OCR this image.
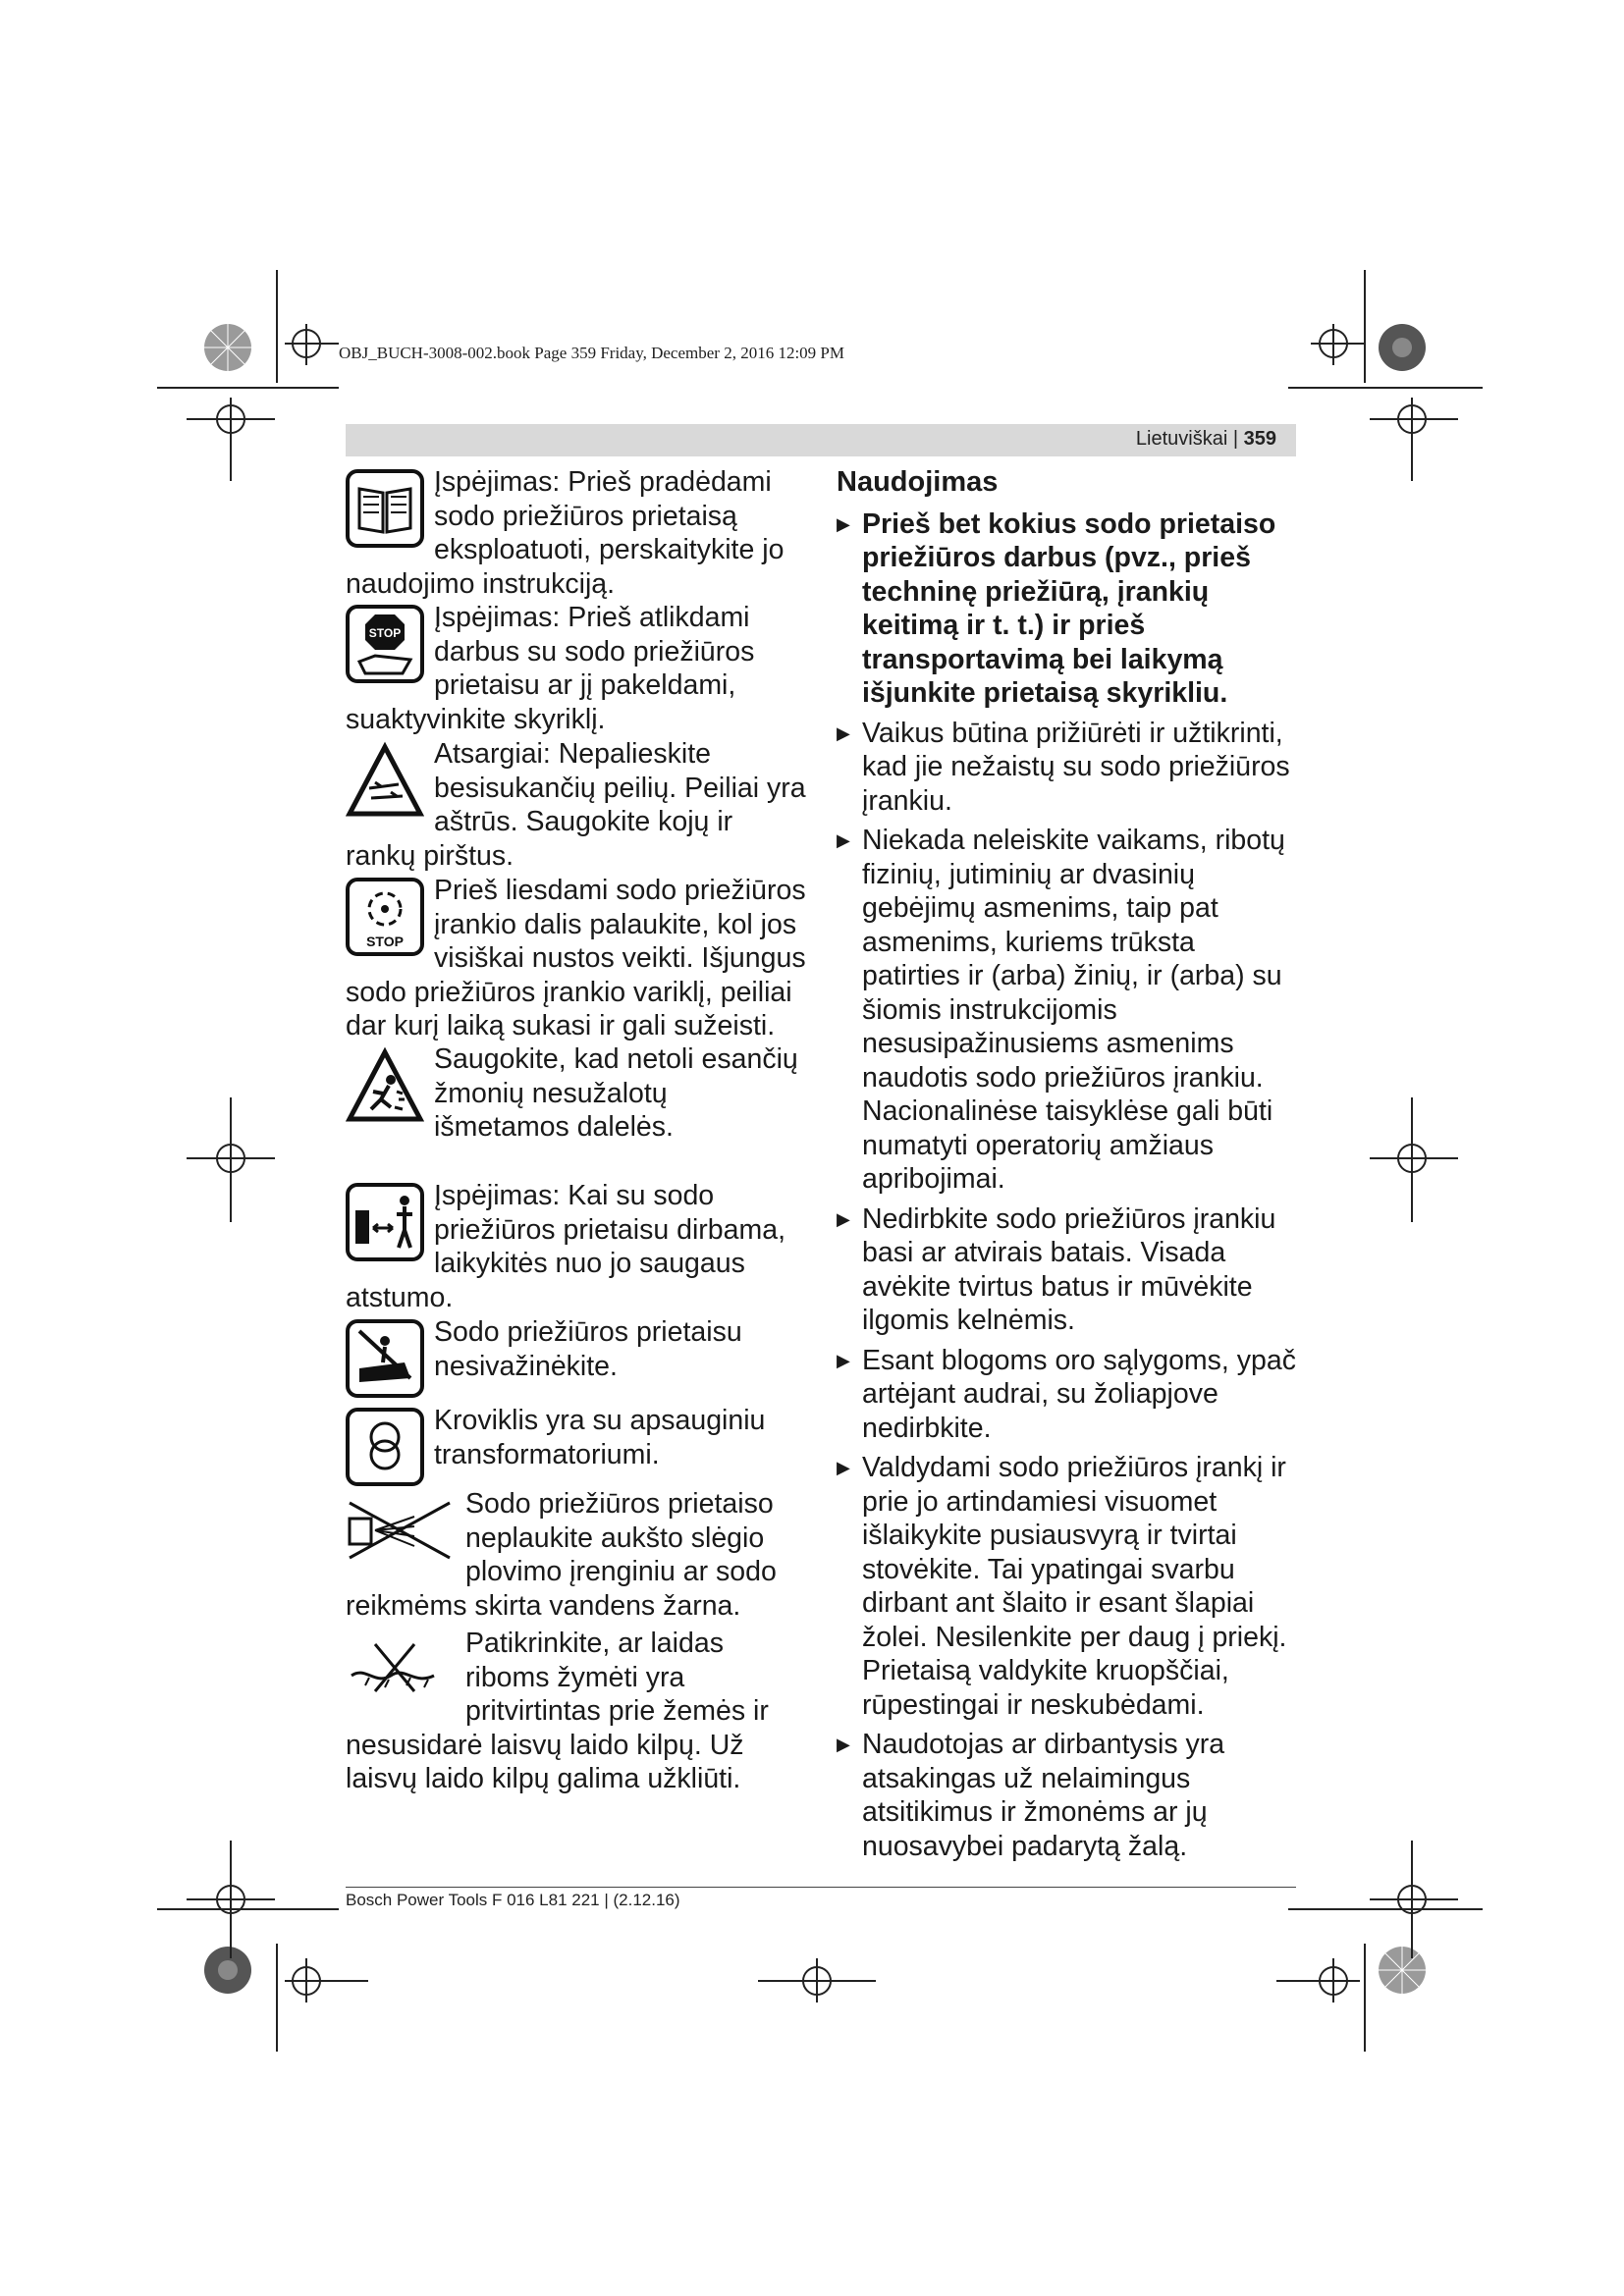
OBJ_BUCH-3008-002.book Page 359 Friday, December 2, 2016 12:09 PM
Lietuviškai | 359

Įspėjimas: Prieš pradėdami sodo priežiūros prietaisą eksploatuoti, perskaitykite jo naudojimo instrukciją.

STOP	Įspėjimas: Prieš atlikdami darbus su sodo priežiūros prietaisu ar jį pakeldami, suaktyvinkite skyriklį.

Atsargiai: Nepalieskite besisukančių peilių. Peiliai yra aštrūs. Saugokite kojų ir rankų pirštus.

STOP

Prieš liesdami sodo priežiūros įrankio dalis palaukite, kol jos visiškai nustos veikti. Išjungus sodo priežiūros įrankio variklį, peiliai dar kurį laiką sukasi ir gali sužeisti.

Saugokite, kad netoli esančių žmonių nesužalotų išmetamos dalelės.

Įspėjimas: Kai su sodo priežiūros prietaisu dirbama, laikykitės nuo jo saugaus atstumo.

Sodo priežiūros prietaisu nesivažinėkite.

Kroviklis yra su apsauginiu transformatoriumi.

Sodo priežiūros prietaiso neplaukite aukšto slėgio plovimo įrenginiu ar sodo reikmėms skirta vandens žarna.

Patikrinkite, ar laidas riboms žymėti yra pritvirtintas prie žemės ir nesusidarė laisvų laido kilpų. Už laisvų laido kilpų galima užkliūti.

Naudojimas
▶ Prieš bet kokius sodo prietaiso priežiūros darbus (pvz., prieš techninę priežiūrą, įrankių keitimą ir t. t.) ir prieš transportavimą bei laikymą išjunkite prietaisą skyrikliu.
▶ Vaikus būtina prižiūrėti ir užtikrinti, kad jie nežaistų su sodo priežiūros įrankiu.
▶ Niekada neleiskite vaikams, ribotų fizinių, jutiminių ar dvasinių gebėjimų asmenims, taip pat asmenims, kuriems trūksta patirties ir (arba) žinių, ir (arba) su šiomis instrukcijomis nesusipažinusiems asmenims naudotis sodo priežiūros įrankiu. Nacionalinėse taisyklėse gali būti numatyti operatorių amžiaus apribojimai.
▶ Nedirbkite sodo priežiūros įrankiu basi ar atvirais batais. Visada avėkite tvirtus batus ir mūvėkite ilgomis kelnėmis.
▶ Esant blogoms oro sąlygoms, ypač artėjant audrai, su žoliapjove nedirbkite.
▶ Valdydami sodo priežiūros įrankį ir prie jo artindamiesi visuomet išlaikykite pusiausvyrą ir tvirtai stovėkite. Tai ypatingai svarbu dirbant ant šlaito ir esant šlapiai žolei. Nesilenkite per daug į priekį. Prietaisą valdykite kruopščiai, rūpestingai ir neskubėdami.
▶ Naudotojas ar dirbantysis yra atsakingas už nelaimingus atsitikimus ir žmonėms ar jų nuosavybei padarytą žalą.
Bosch Power Tools F 016 L81 221 | (2.12.16)
